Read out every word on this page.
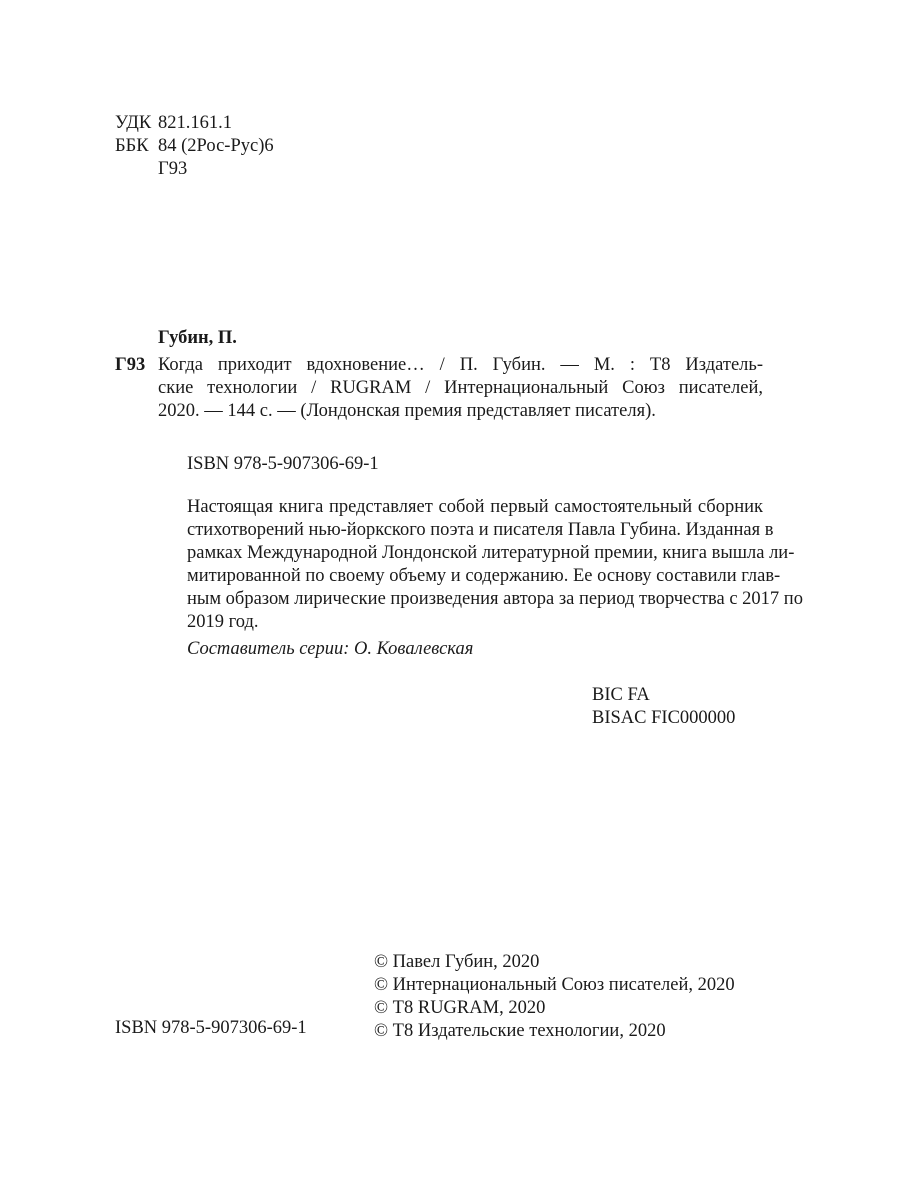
УДК 821.161.1
ББК 84 (2Рос-Рус)6
Г93
Губин, П.
Г93 Когда приходит вдохновение… / П. Губин. — М. : Т8 Издатель-
ские технологии / RUGRAM / Интернациональный Союз писателей,
2020. — 144 с. — (Лондонская премия представляет писателя).
ISBN 978-5-907306-69-1
Настоящая книга представляет собой первый самостоятельный сборник
стихотворений нью-йоркского поэта и писателя Павла Губина. Изданная в
рамках Международной Лондонской литературной премии, книга вышла ли-
митированной по своему объему и содержанию. Ее основу составили глав-
ным образом лирические произведения автора за период творчества с 2017 по
2019 год.
Составитель серии: О. Ковалевская
BIC FA
BISAC FIC000000
ISBN 978-5-907306-69-1
© Павел Губин, 2020
© Интернациональный Союз писателей, 2020
© Т8 RUGRAM, 2020
© Т8 Издательские технологии, 2020
